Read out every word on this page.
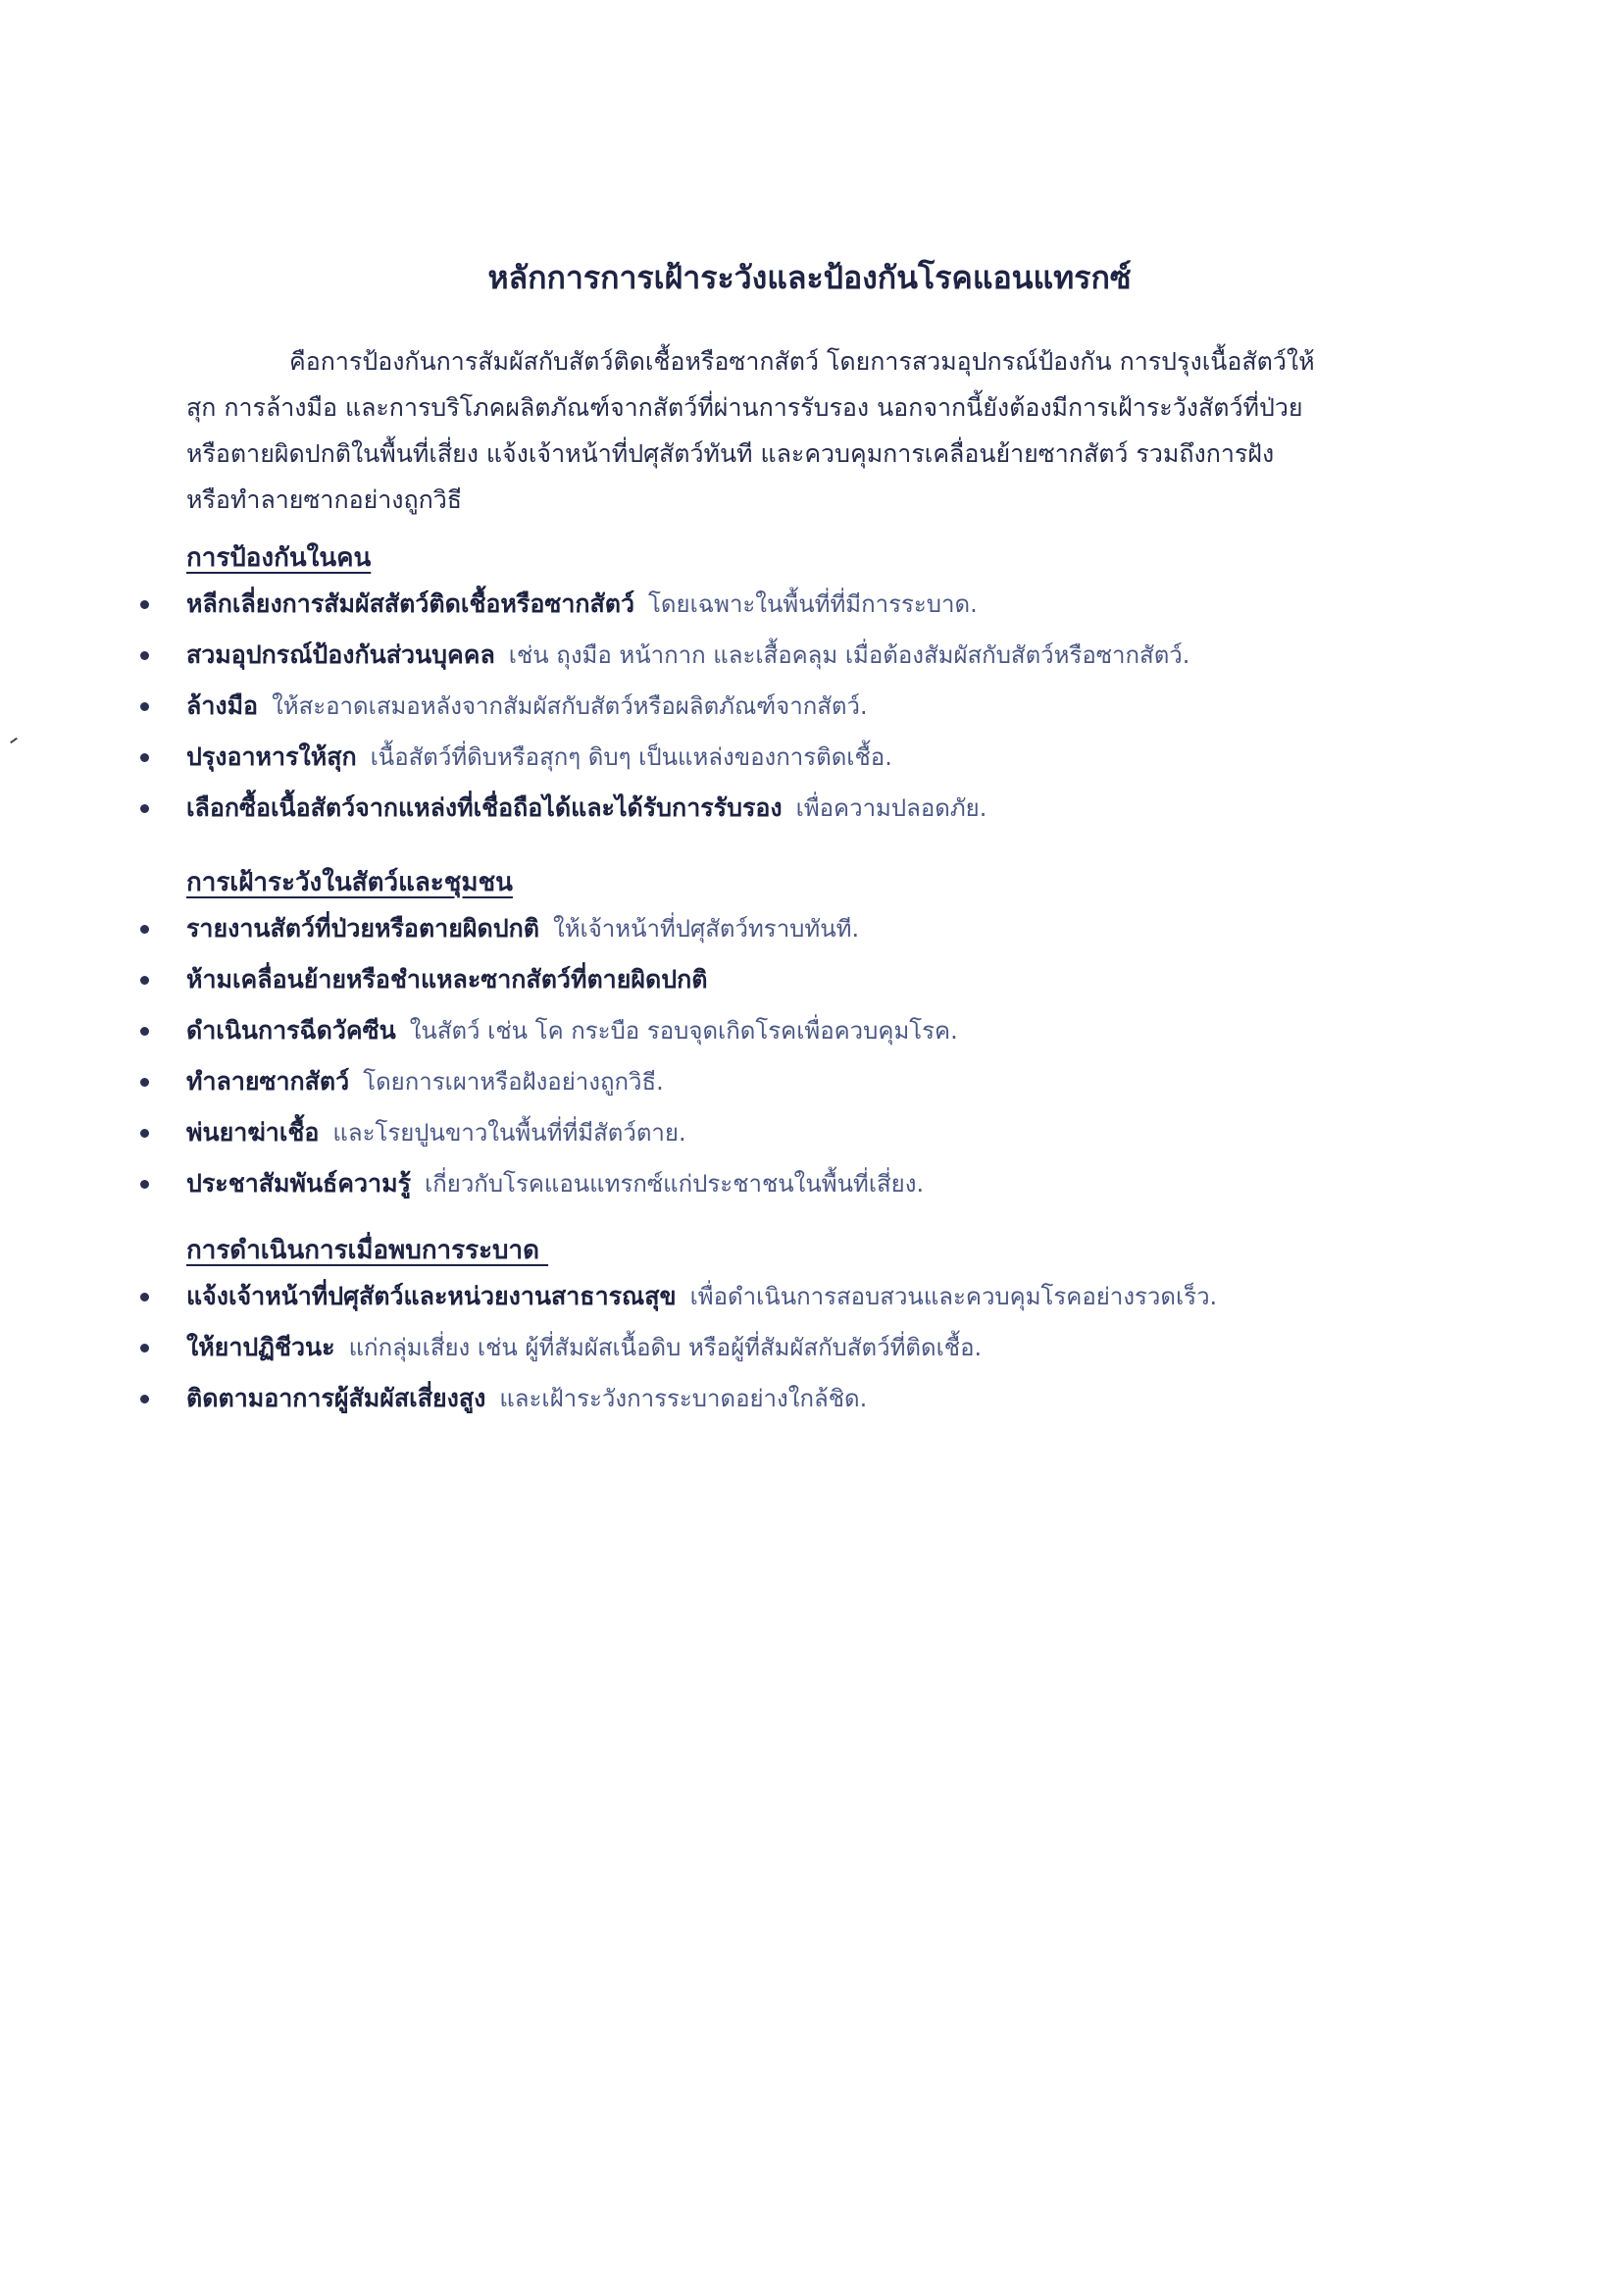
หลักการการเฝ้าระวังและป้องกันโรคแอนแทรกซ์
คือการป้องกันการสัมผัสกับสัตว์ติดเชื้อหรือซากสัตว์ โดยการสวมอุปกรณ์ป้องกัน การปรุงเนื้อสัตว์ให้
สุก การล้างมือ และการบริโภคผลิตภัณฑ์จากสัตว์ที่ผ่านการรับรอง นอกจากนี้ยังต้องมีการเฝ้าระวังสัตว์ที่ป่วย
หรือตายผิดปกติในพื้นที่เสี่ยง แจ้งเจ้าหน้าที่ปศุสัตว์ทันที และควบคุมการเคลื่อนย้ายซากสัตว์ รวมถึงการฝัง
หรือทำลายซากอย่างถูกวิธี
การป้องกันในคน
หลีกเลี่ยงการสัมผัสสัตว์ติดเชื้อหรือซากสัตว์ โดยเฉพาะในพื้นที่ที่มีการระบาด.
สวมอุปกรณ์ป้องกันส่วนบุคคล เช่น ถุงมือ หน้ากาก และเสื้อคลุม เมื่อต้องสัมผัสกับสัตว์หรือซากสัตว์.
ล้างมือ ให้สะอาดเสมอหลังจากสัมผัสกับสัตว์หรือผลิตภัณฑ์จากสัตว์.
ปรุงอาหารให้สุก เนื้อสัตว์ที่ดิบหรือสุกๆ ดิบๆ เป็นแหล่งของการติดเชื้อ.
เลือกซื้อเนื้อสัตว์จากแหล่งที่เชื่อถือได้และได้รับการรับรอง เพื่อความปลอดภัย.
การเฝ้าระวังในสัตว์และชุมชน
รายงานสัตว์ที่ป่วยหรือตายผิดปกติ ให้เจ้าหน้าที่ปศุสัตว์ทราบทันที.
ห้ามเคลื่อนย้ายหรือชำแหละซากสัตว์ที่ตายผิดปกติ
ดำเนินการฉีดวัคซีน ในสัตว์ เช่น โค กระบือ รอบจุดเกิดโรคเพื่อควบคุมโรค.
ทำลายซากสัตว์ โดยการเผาหรือฝังอย่างถูกวิธี.
พ่นยาฆ่าเชื้อ และโรยปูนขาวในพื้นที่ที่มีสัตว์ตาย.
ประชาสัมพันธ์ความรู้ เกี่ยวกับโรคแอนแทรกซ์แก่ประชาชนในพื้นที่เสี่ยง.
การดำเนินการเมื่อพบการระบาด
แจ้งเจ้าหน้าที่ปศุสัตว์และหน่วยงานสาธารณสุข เพื่อดำเนินการสอบสวนและควบคุมโรคอย่างรวดเร็ว.
ให้ยาปฏิชีวนะ แก่กลุ่มเสี่ยง เช่น ผู้ที่สัมผัสเนื้อดิบ หรือผู้ที่สัมผัสกับสัตว์ที่ติดเชื้อ.
ติดตามอาการผู้สัมผัสเสี่ยงสูง และเฝ้าระวังการระบาดอย่างใกล้ชิด.
